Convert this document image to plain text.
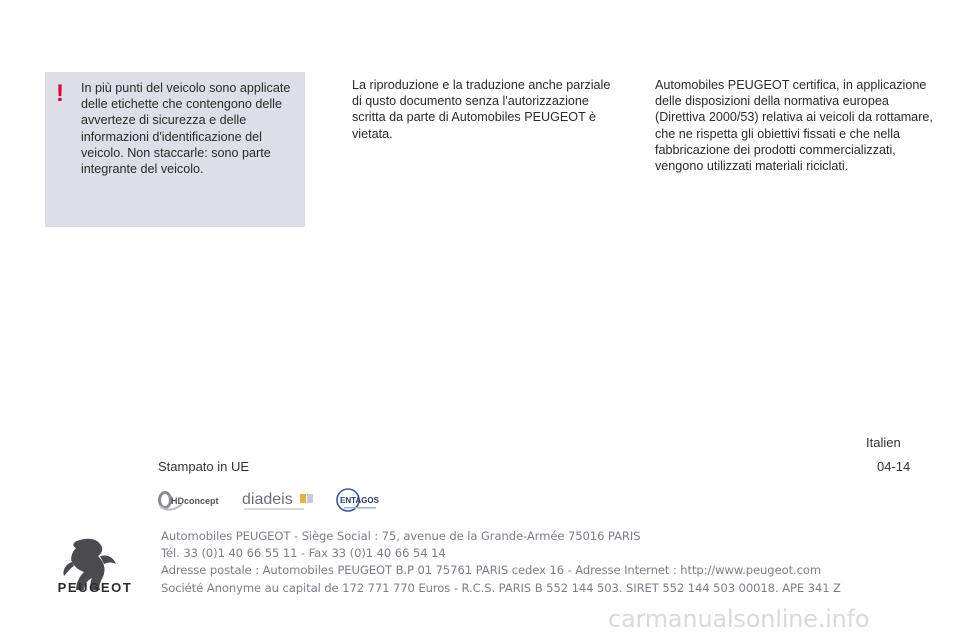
! In più punti del veicolo sono applicate delle etichette che contengono delle avverteze di sicurezza e delle informazioni d'identificazione del veicolo. Non staccarle: sono parte integrante del veicolo.

La riproduzione e la traduzione anche parziale di qusto documento senza l'autorizzazione scritta da parte di Automobiles PEUGEOT è vietata.

Automobiles PEUGEOT certifica, in applicazione delle disposizioni della normativa europea (Direttiva 2000/53) relativa ai veicoli da rottamare, che ne rispetta gli obiettivi fissati e che nella fabbricazione dei prodotti commercializzati, vengono utilizzati materiali riciclati.

Italien
Stampato in UE	04-14
HDconcept diadeis	ENTAGOS
PEUGEOT
Automobiles PEUGEOT - Siège Social : 75, avenue de la Grande-Armée 75016 PARIS
Tél. 33 (0)1 40 66 55 11 - Fax 33 (0)1 40 66 54 14
Adresse postale : Automobiles PEUGEOT B.P 01 75761 PARIS cedex 16 - Adresse Internet : http://www.peugeot.com
Société Anonyme au capital de 172 771 770 Euros - R.C.S. PARIS B 552 144 503. SIRET 552 144 503 00018. APE 341 Z
carmanualsonline.info
